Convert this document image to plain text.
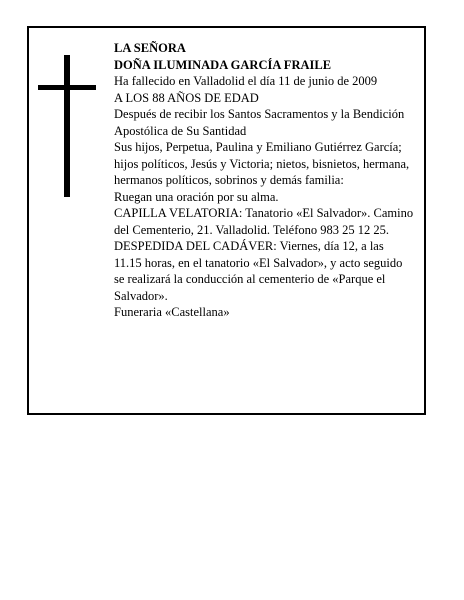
LA SEÑORA

DOÑA ILUMINADA GARCÍA FRAILE

Ha fallecido en Valladolid el día 11 de junio de 2009

A LOS 88 AÑOS DE EDAD

Después de recibir los Santos Sacramentos y la Bendición Apostólica de Su Santidad

Sus hijos, Perpetua, Paulina y Emiliano Gutiérrez García; hijos políticos, Jesús y Victoria; nietos, bisnietos, hermana, hermanos políticos, sobrinos y demás familia:

Ruegan una oración por su alma.

CAPILLA VELATORIA: Tanatorio «El Salvador». Camino del Cementerio, 21. Valladolid. Teléfono 983 25 12 25.

DESPEDIDA DEL CADÁVER: Viernes, día 12, a las 11.15 horas, en el tanatorio «El Salvador», y acto seguido se realizará la conducción al cementerio de «Parque el Salvador».

Funeraria «Castellana»
